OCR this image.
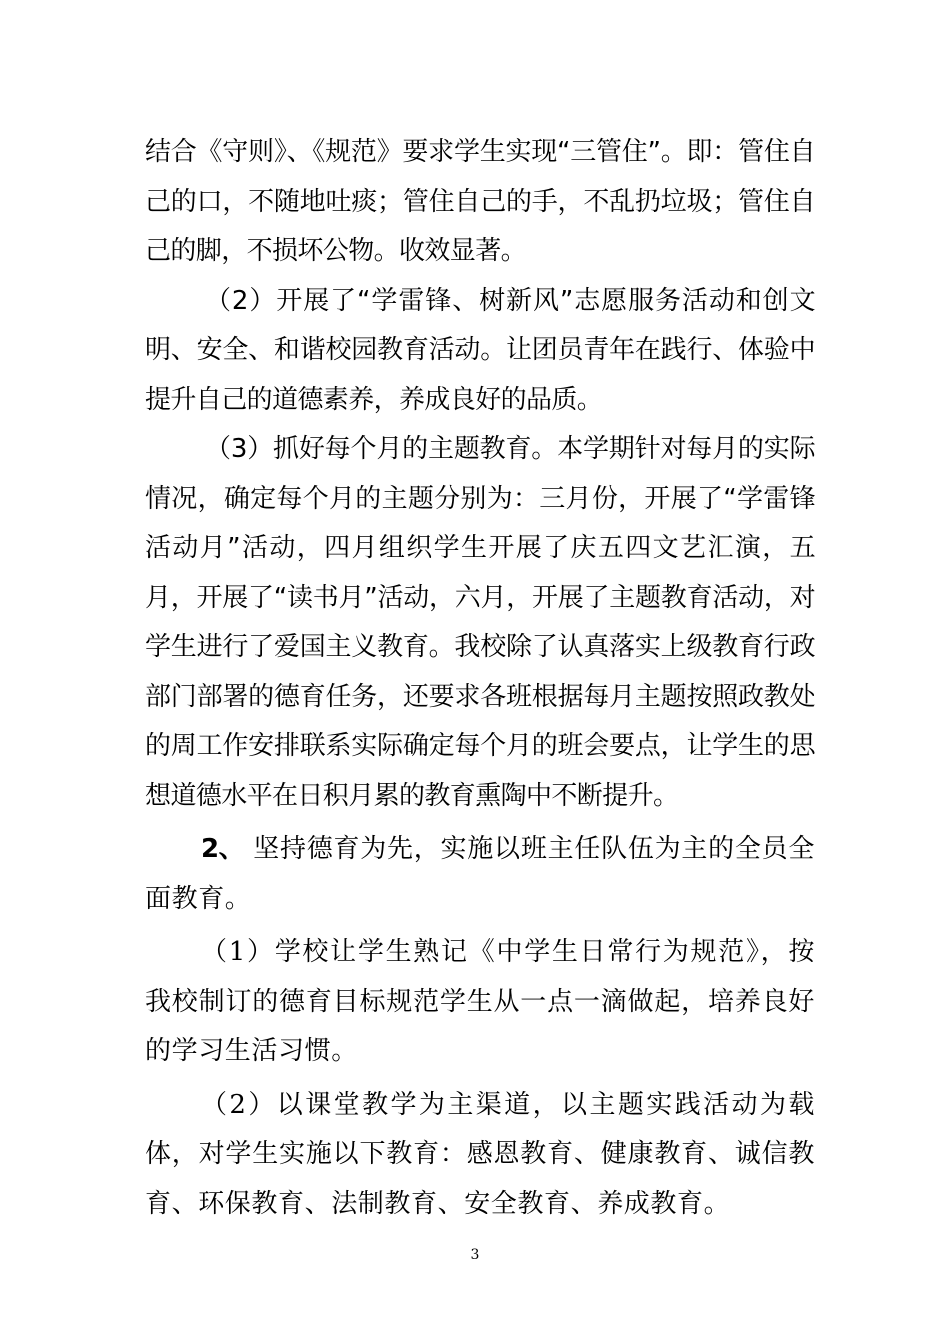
结合《守则》、《规范》要求学生实现“三管住”。即：管住自己的口，不随地吐痰；管住自己的手，不乱扔垃圾；管住自己的脚，不损坏公物。收效显著。

（2）开展了“学雷锋、树新风”志愿服务活动和创文明、安全、和谐校园教育活动。让团员青年在践行、体验中提升自己的道德素养，养成良好的品质。

（3）抓好每个月的主题教育。本学期针对每月的实际情况，确定每个月的主题分别为：三月份，开展了“学雷锋活动月”活动，四月组织学生开展了庆五四文艺汇演，五月，开展了“读书月”活动，六月，开展了主题教育活动，对学生进行了爱国主义教育。我校除了认真落实上级教育行政部门部署的德育任务，还要求各班根据每月主题按照政教处的周工作安排联系实际确定每个月的班会要点，让学生的思想道德水平在日积月累的教育熏陶中不断提升。

2、 坚持德育为先，实施以班主任队伍为主的全员全面教育。

（1）学校让学生熟记《中学生日常行为规范》，按我校制订的德育目标规范学生从一点一滴做起，培养良好的学习生活习惯。

（2）以课堂教学为主渠道，以主题实践活动为载体，对学生实施以下教育：感恩教育、健康教育、诚信教育、环保教育、法制教育、安全教育、养成教育。

3
